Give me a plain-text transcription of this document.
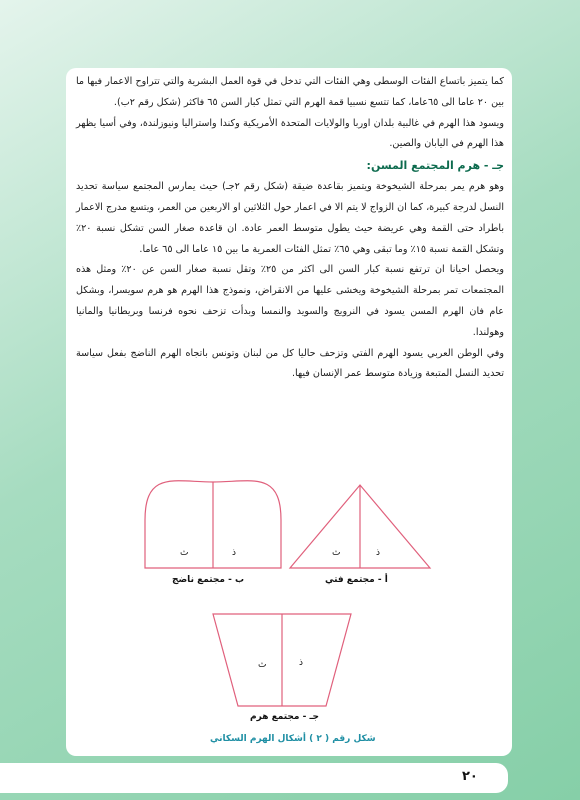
كما يتميز باتساع الفئات الوسطى وهي الفئات التي تدخل في قوة العمل البشرية والتي تتراوح الاعمار فيها ما بين ٢٠ عاما الى ٦٥عاما، كما تتسع نسبيا قمة الهرم التي تمثل كبار السن ٦٥ فاكثر (شكل رقم ٢ب).

ويسود هذا الهرم في غالبية بلدان اوربا والولايات المتحدة الأمريكية وكندا واستراليا ونيوزلندة، وفي أسيا يظهر هذا الهرم في اليابان والصين.

جـ - هرم المجتمع المسن:

وهو هرم يمر بمرحلة الشيخوخة ويتميز بقاعدة ضيقة (شكل رقم ٢جـ) حيث يمارس المجتمع سياسة تحديد النسل لدرجة كبيرة، كما ان الزواج لا يتم الا في اعمار حول الثلاثين او الاربعين من العمر، ويتسع مدرج الاعمار باطراد حتى القمة وهي عريضة حيث يطول متوسط العمر عادة. ان قاعدة صغار السن تشكل نسبة ٢٠٪ وتشكل القمة نسبة ١٥٪ وما تبقى وهي ٦٥٪ تمثل الفئات العمرية ما بين ١٥ عاما الى ٦٥ عاما.

ويحصل احيانا ان ترتفع نسبة كبار السن الى اكثر من ٢٥٪ وتقل نسبة صغار السن عن ٢٠٪ ومثل هذه المجتمعات تمر بمرحلة الشيخوخة ويخشى عليها من الانقراض، ونموذج هذا الهرم هو هرم سويسرا، وبشكل عام فان الهرم المسن يسود في النرويج والسويد والنمسا وبدأت تزحف نحوه فرنسا وبريطانيا والمانيا وهولندا.

وفي الوطن العربي يسود الهرم الفتي وتزحف حاليا كل من لبنان وتونس باتجاه الهرم الناضج بفعل سياسة تحديد النسل المتبعة وزيادة متوسط عمر الإنسان فيها.

ث	ذ	ث	ذ
ث	ذ
ب - مجتمع ناضج	أ - مجتمع فتي
جـ - مجتمع هرم
شكل رقم ( ٢ ) أشكال الهرم السكاني
٢٠
